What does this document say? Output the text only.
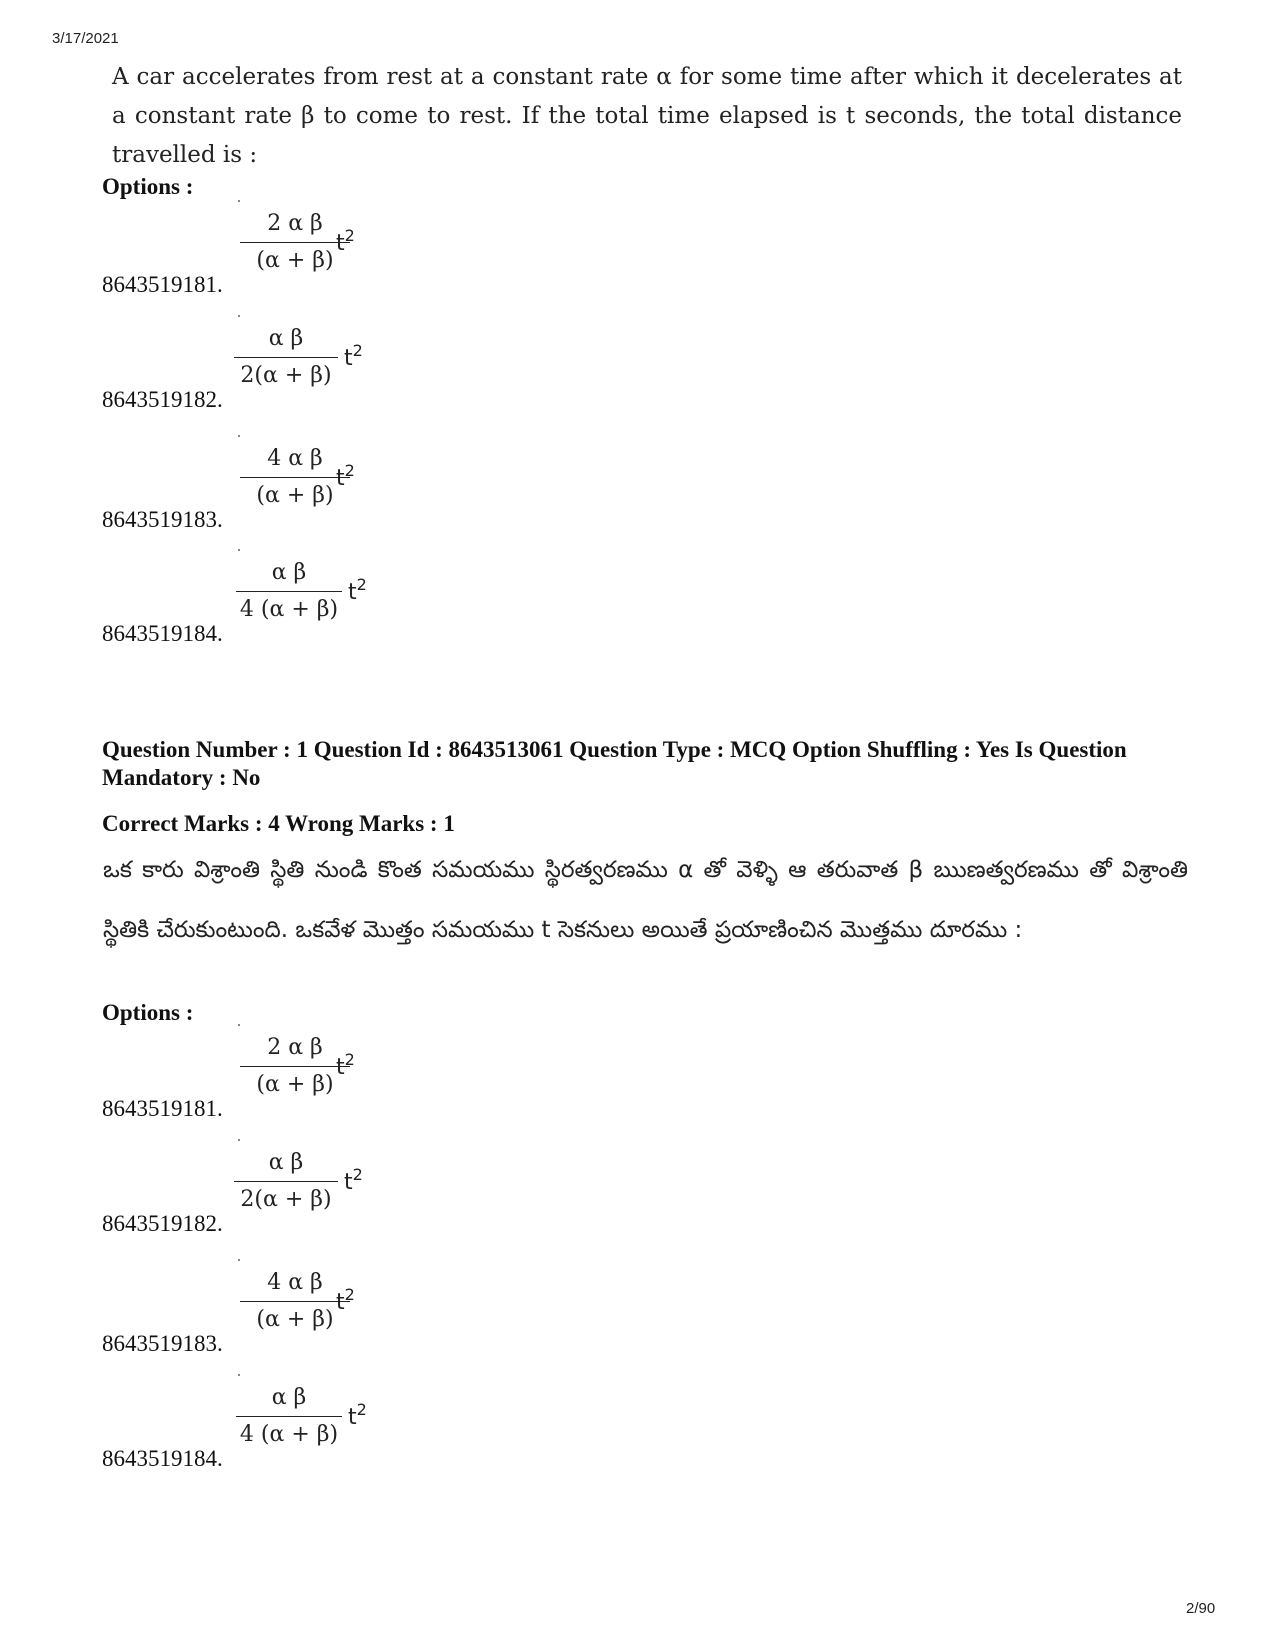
3/17/2021
A car accelerates from rest at a constant rate α for some time after which it decelerates at a constant rate β to come to rest. If the total time elapsed is t seconds, the total distance travelled is :
Options :
2 α β
(α + β)
$t^2$
8643519181.
α β
2(α + β)
$t^2$
8643519182.
4 α β
(α + β)
$t^2$
8643519183.
α β
4 (α + β)
$t^2$
8643519184.
Question Number : 1 Question Id : 8643513061 Question Type : MCQ Option Shuffling : Yes Is Question Mandatory : No
Correct Marks : 4 Wrong Marks : 1
ఒక కారు విశ్రాంతి స్థితి నుండి కొంత సమయము స్థిరత్వరణము α తో వెళ్ళి ఆ తరువాత β ఋణత్వరణము తో విశ్రాంతి స్థితికి చేరుకుంటుంది. ఒకవేళ మొత్తం సమయము t సెకనులు అయితే ప్రయాణించిన మొత్తము దూరము :
Options :
2 α β
(α + β)
$t^2$
8643519181.
α β
2(α + β)
$t^2$
8643519182.
4 α β
(α + β)
$t^2$
8643519183.
α β
4 (α + β)
$t^2$
8643519184.
2/90
